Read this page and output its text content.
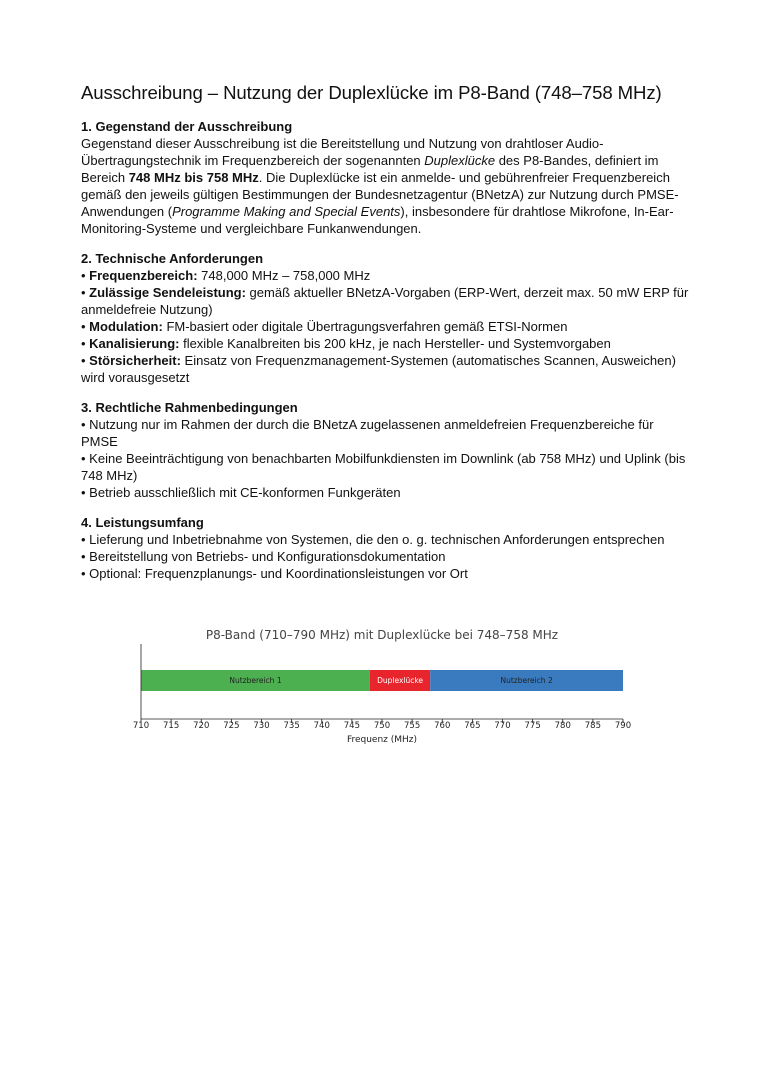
Ausschreibung – Nutzung der Duplexlücke im P8-Band (748–758 MHz)
1. Gegenstand der Ausschreibung

Gegenstand dieser Ausschreibung ist die Bereitstellung und Nutzung von drahtloser Audio-Übertragungstechnik im Frequenzbereich der sogenannten Duplexlücke des P8-Bandes, definiert im Bereich 748 MHz bis 758 MHz. Die Duplexlücke ist ein anmelde- und gebührenfreier Frequenzbereich gemäß den jeweils gültigen Bestimmungen der Bundesnetzagentur (BNetzA) zur Nutzung durch PMSE-Anwendungen (Programme Making and Special Events), insbesondere für drahtlose Mikrofone, In-Ear-Monitoring-Systeme und vergleichbare Funkanwendungen.

2. Technische Anforderungen
• Frequenzbereich: 748,000 MHz – 758,000 MHz
• Zulässige Sendeleistung: gemäß aktueller BNetzA-Vorgaben (ERP-Wert, derzeit max. 50 mW ERP für anmeldefreie Nutzung)
• Modulation: FM-basiert oder digitale Übertragungsverfahren gemäß ETSI-Normen
• Kanalisierung: flexible Kanalbreiten bis 200 kHz, je nach Hersteller- und Systemvorgaben
• Störsicherheit: Einsatz von Frequenzmanagement-Systemen (automatisches Scannen, Ausweichen) wird vorausgesetzt
3. Rechtliche Rahmenbedingungen
• Nutzung nur im Rahmen der durch die BNetzA zugelassenen anmeldefreien Frequenzbereiche für PMSE
• Keine Beeinträchtigung von benachbarten Mobilfunkdiensten im Downlink (ab 758 MHz) und Uplink (bis 748 MHz)
• Betrieb ausschließlich mit CE-konformen Funkgeräten
4. Leistungsumfang
• Lieferung und Inbetriebnahme von Systemen, die den o. g. technischen Anforderungen entsprechen
• Bereitstellung von Betriebs- und Konfigurationsdokumentation
• Optional: Frequenzplanungs- und Koordinationsleistungen vor Ort
P8-Band (710–790 MHz) mit Duplexlücke bei 748–758 MHz
Nutzbereich 1	Duplexlücke	Nutzbereich 2
710 715 720 725 730 735 740 745 750 755 760 765 770 775 780 785 790
Frequenz (MHz)
